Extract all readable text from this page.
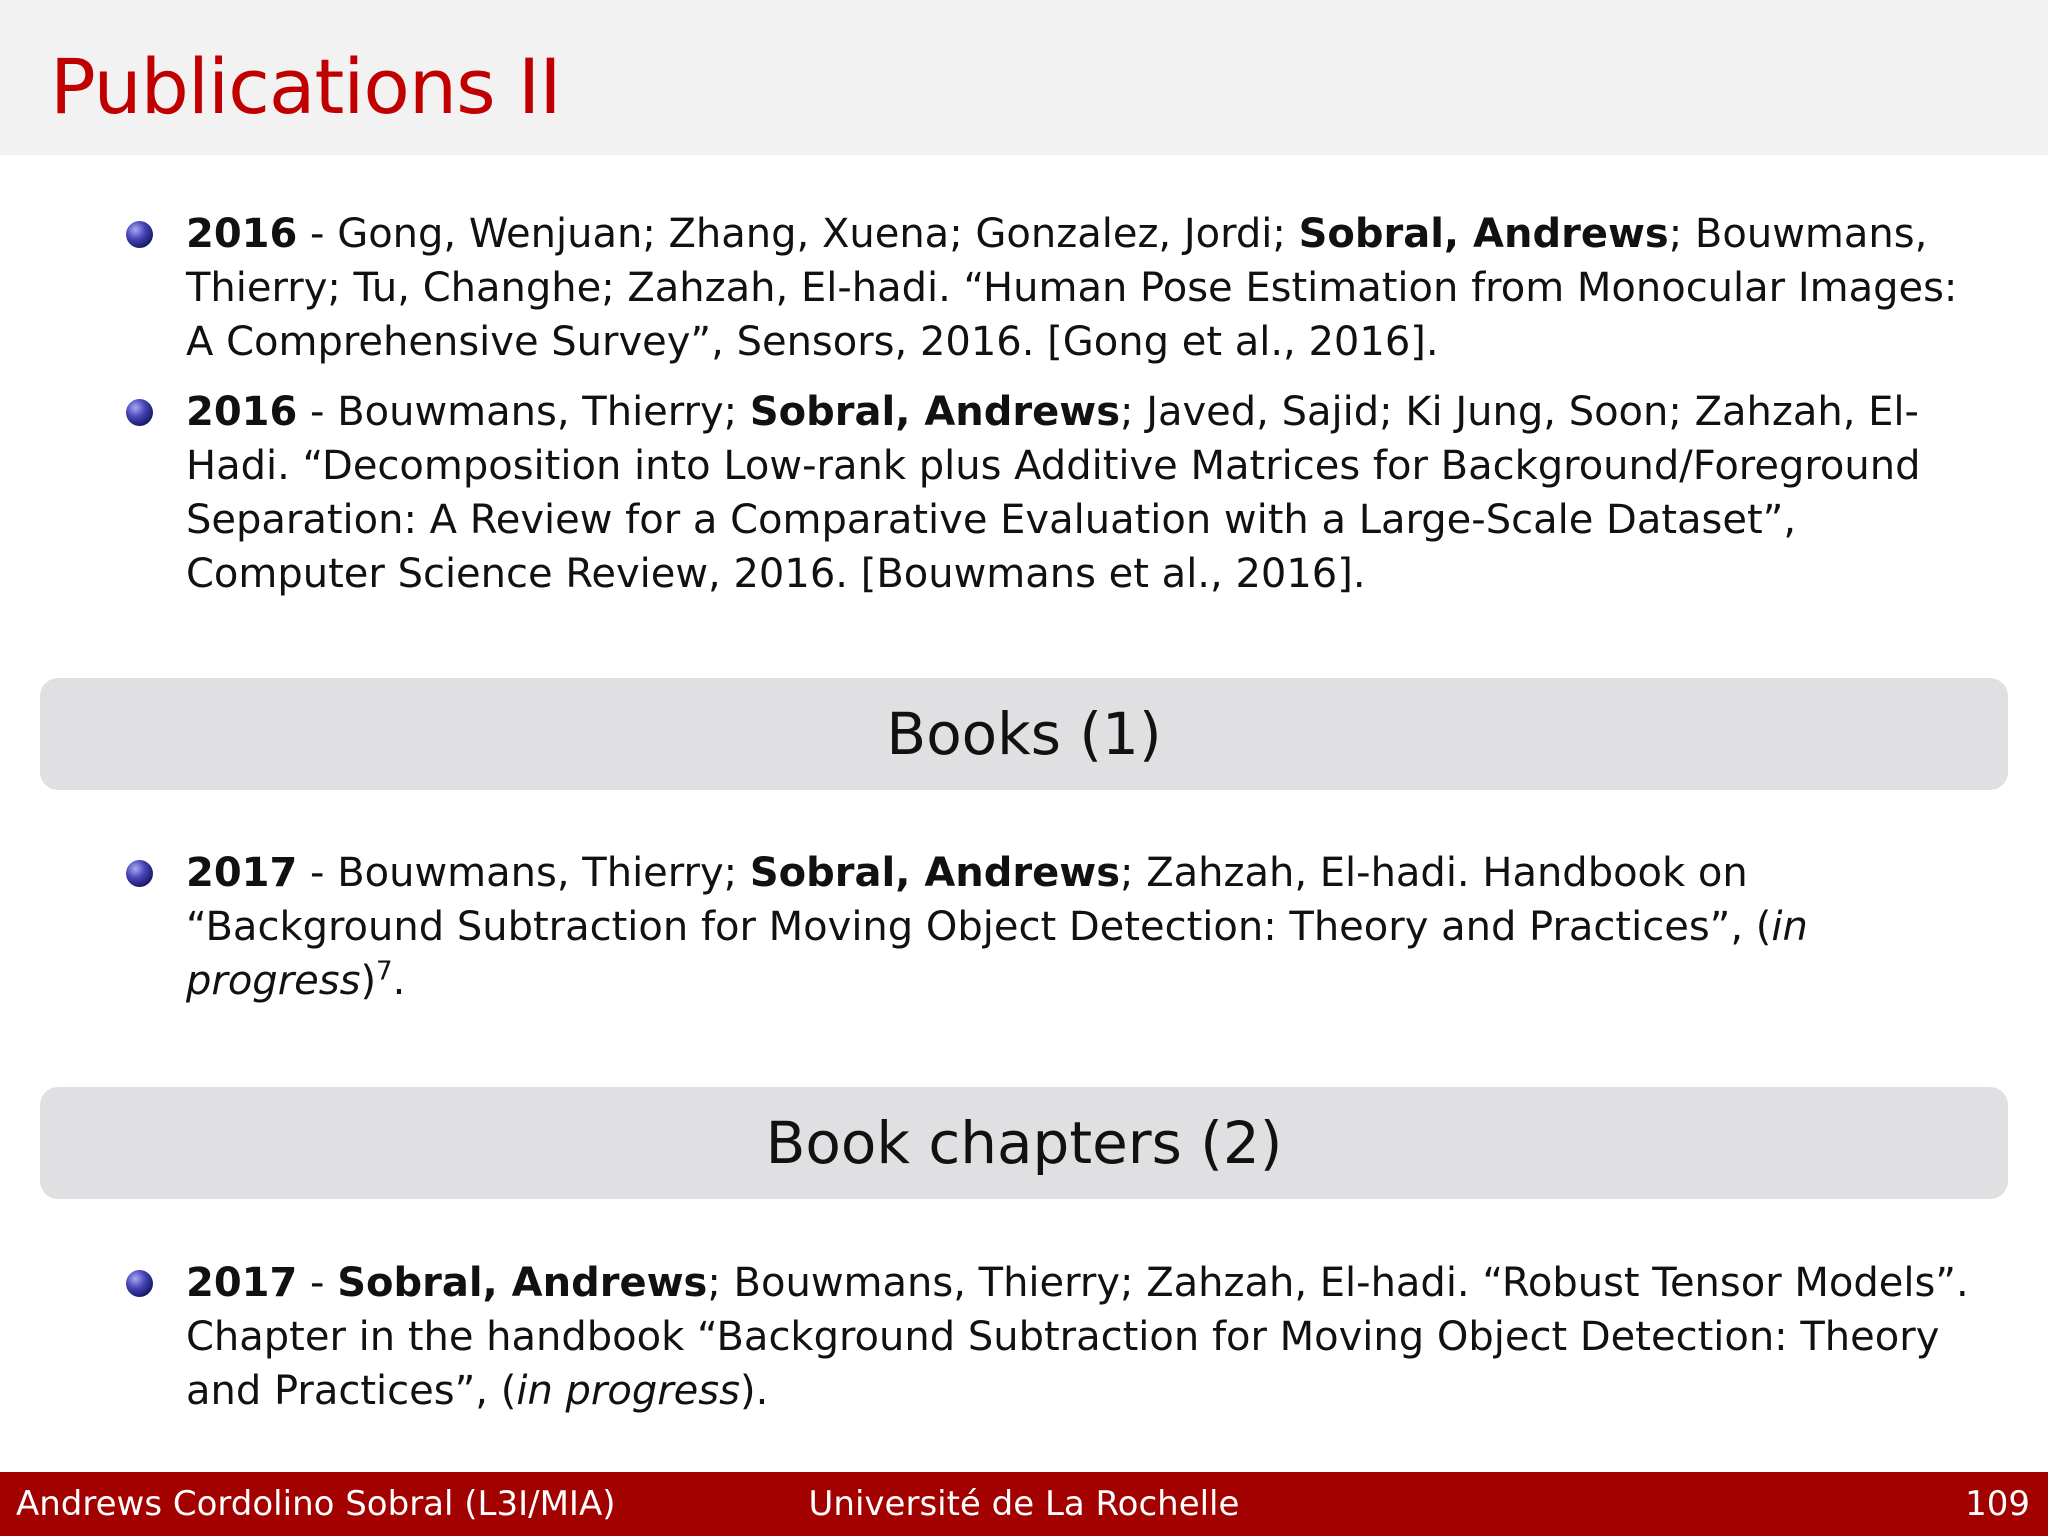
Publications II
2016 - Gong, Wenjuan; Zhang, Xuena; Gonzalez, Jordi; Sobral, Andrews; Bouwmans, Thierry; Tu, Changhe; Zahzah, El-hadi. “Human Pose Estimation from Monocular Images: A Comprehensive Survey”, Sensors, 2016. [Gong et al., 2016].
2016 - Bouwmans, Thierry; Sobral, Andrews; Javed, Sajid; Ki Jung, Soon; Zahzah, El-Hadi. “Decomposition into Low-rank plus Additive Matrices for Background/Foreground Separation: A Review for a Comparative Evaluation with a Large-Scale Dataset”, Computer Science Review, 2016. [Bouwmans et al., 2016].
Books (1)
2017 - Bouwmans, Thierry; Sobral, Andrews; Zahzah, El-hadi. Handbook on “Background Subtraction for Moving Object Detection: Theory and Practices”, (in progress)$^7$.
Book chapters (2)
2017 - Sobral, Andrews; Bouwmans, Thierry; Zahzah, El-hadi. “Robust Tensor Models”. Chapter in the handbook “Background Subtraction for Moving Object Detection: Theory and Practices”, (in progress).
Andrews Cordolino Sobral (L3I/MIA)	Université de La Rochelle	109
